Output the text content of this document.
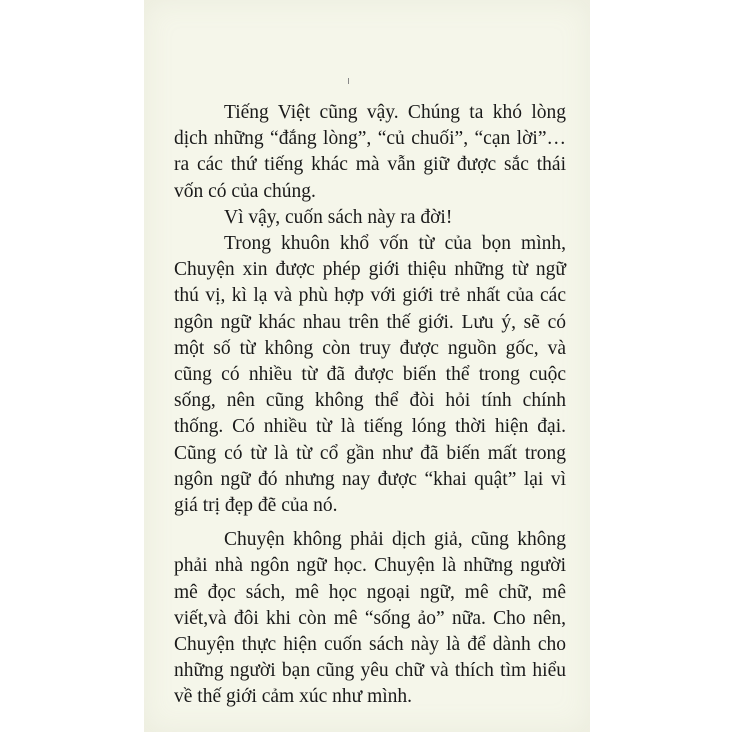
Tiếng Việt cũng vậy. Chúng ta khó lòng dịch những “đắng lòng”, “củ chuối”, “cạn lời”… ra các thứ tiếng khác mà vẫn giữ được sắc thái vốn có của chúng.

Vì vậy, cuốn sách này ra đời!

Trong khuôn khổ vốn từ của bọn mình, Chuyện xin được phép giới thiệu những từ ngữ thú vị, kì lạ và phù hợp với giới trẻ nhất của các ngôn ngữ khác nhau trên thế giới. Lưu ý, sẽ có một số từ không còn truy được nguồn gốc, và cũng có nhiều từ đã được biến thể trong cuộc sống, nên cũng không thể đòi hỏi tính chính thống. Có nhiều từ là tiếng lóng thời hiện đại. Cũng có từ là từ cổ gần như đã biến mất trong ngôn ngữ đó nhưng nay được “khai quật” lại vì giá trị đẹp đẽ của nó.

Chuyện không phải dịch giả, cũng không phải nhà ngôn ngữ học. Chuyện là những người mê đọc sách, mê học ngoại ngữ, mê chữ, mê viết,và đôi khi còn mê “sống ảo” nữa. Cho nên, Chuyện thực hiện cuốn sách này là để dành cho những người bạn cũng yêu chữ và thích tìm hiểu về thế giới cảm xúc như mình.
